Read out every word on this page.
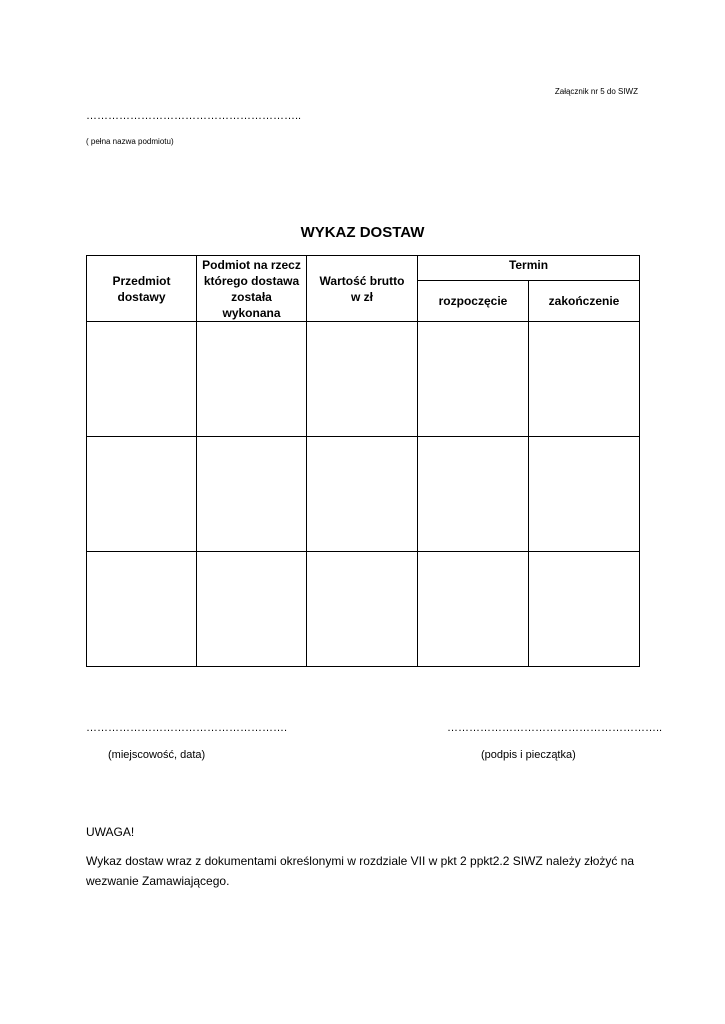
Załącznik nr 5 do SIWZ
…………………………………………………..
( pełna nazwa podmiotu)
WYKAZ DOSTAW
Przedmiot dostawy	Podmiot na rzecz którego dostawa została wykonana	Wartość brutto w zł	Termin	
			rozpoczęcie	zakończenie

……………………………………………….	…………………………………………………..
(miejscowość, data)	(podpis i pieczątka)
UWAGA!
Wykaz dostaw wraz z dokumentami określonymi w rozdziale VII w pkt 2 ppkt2.2 SIWZ należy złożyć na wezwanie Zamawiającego.
